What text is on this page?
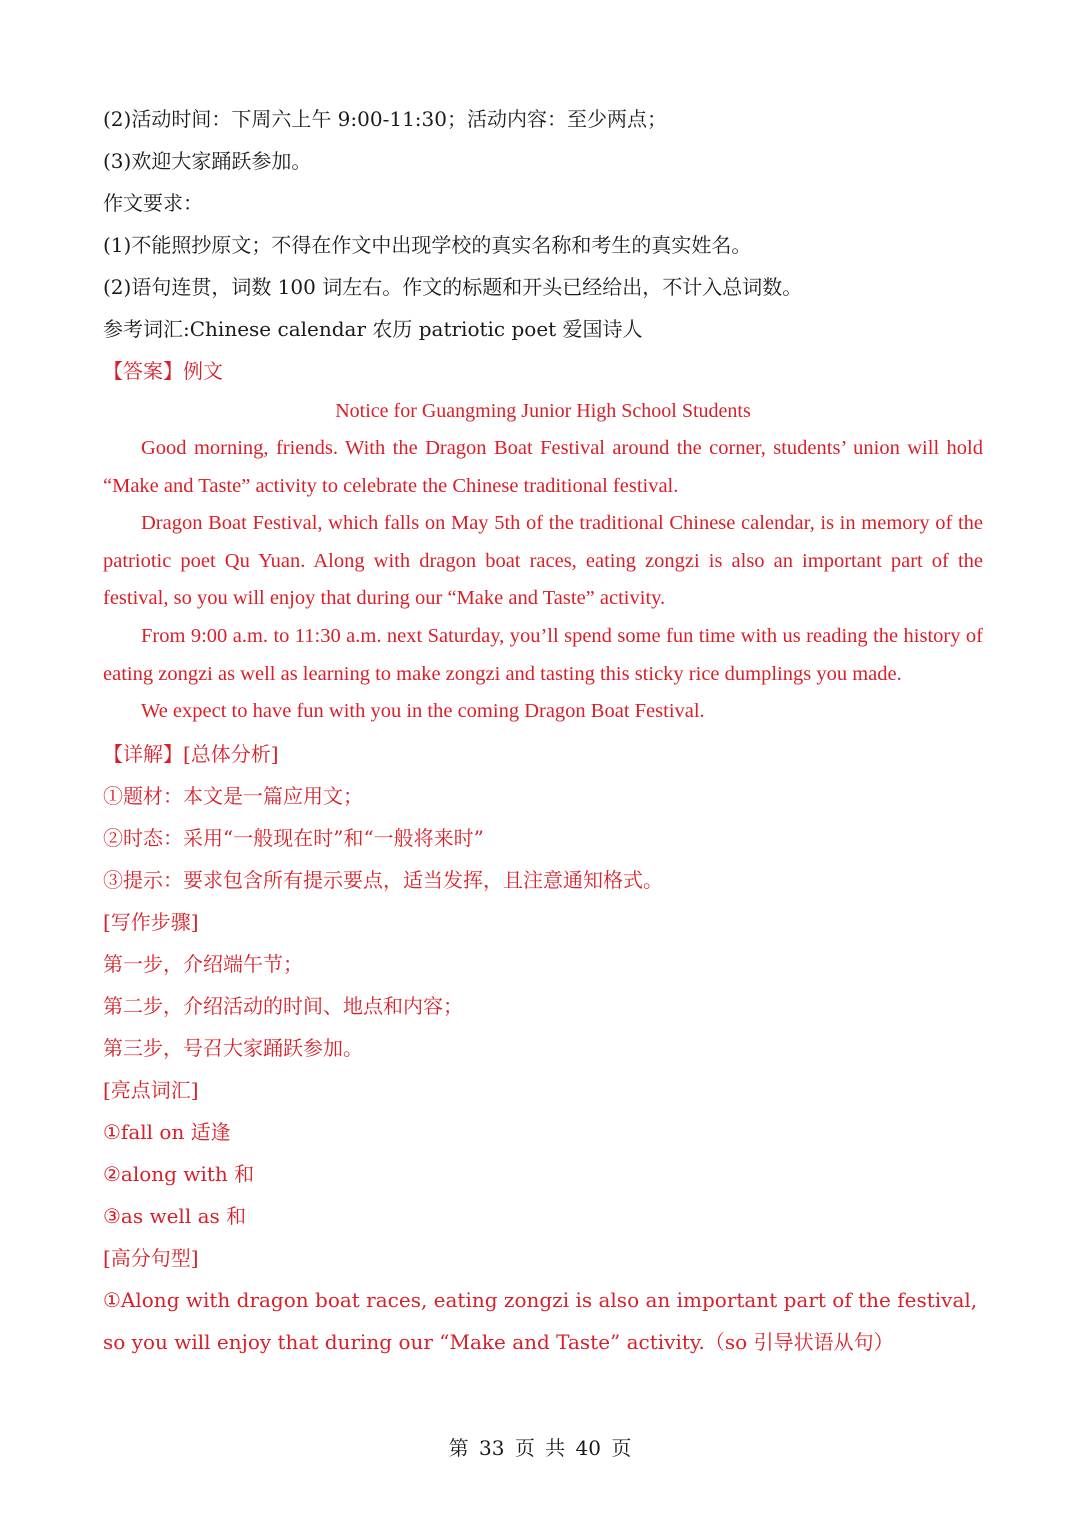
(2)活动时间：下周六上午 9:00-11:30；活动内容：至少两点；
(3)欢迎大家踊跃参加。
作文要求：
(1)不能照抄原文；不得在作文中出现学校的真实名称和考生的真实姓名。
(2)语句连贯，词数 100 词左右。作文的标题和开头已经给出，不计入总词数。
参考词汇:Chinese calendar 农历 patriotic poet 爱国诗人
【答案】例文
Notice for Guangming Junior High School Students

Good morning, friends. With the Dragon Boat Festival around the corner, students’ union will hold “Make and Taste” activity to celebrate the Chinese traditional festival.

Dragon Boat Festival, which falls on May 5th of the traditional Chinese calendar, is in memory of the patriotic poet Qu Yuan. Along with dragon boat races, eating zongzi is also an important part of the festival, so you will enjoy that during our “Make and Taste” activity.

From 9:00 a.m. to 11:30 a.m. next Saturday, you’ll spend some fun time with us reading the history of eating zongzi as well as learning to make zongzi and tasting this sticky rice dumplings you made.

We expect to have fun with you in the coming Dragon Boat Festival.

【详解】[总体分析]
①题材：本文是一篇应用文；
②时态：采用“一般现在时”和“一般将来时”
③提示：要求包含所有提示要点，适当发挥，且注意通知格式。
[写作步骤]
第一步，介绍端午节；
第二步，介绍活动的时间、地点和内容；
第三步，号召大家踊跃参加。
[亮点词汇]
①fall on 适逢
②along with 和
③as well as 和
[高分句型]

①Along with dragon boat races, eating zongzi is also an important part of the festival, so you will enjoy that during our “Make and Taste” activity.（so 引导状语从句）

第 33 页 共 40 页
